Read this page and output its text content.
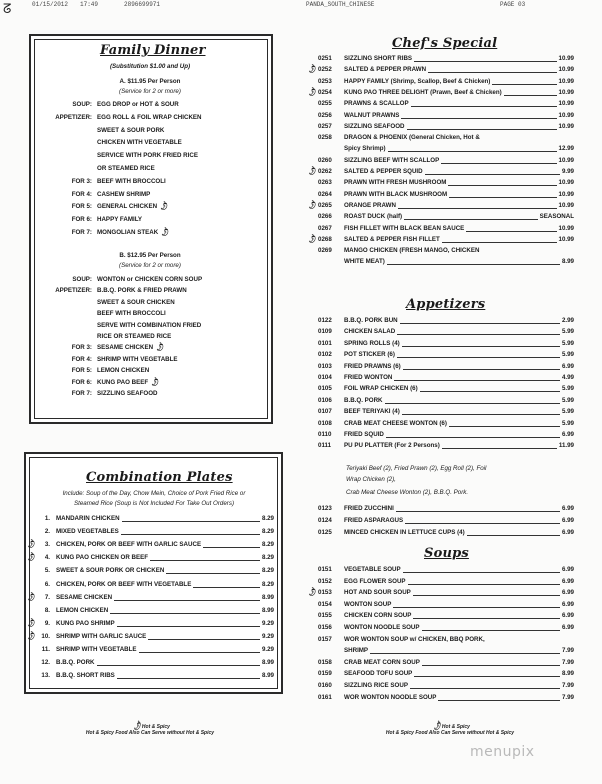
01/15/2012 17:49	2896699971	PANDA_SOUTH_CHINESE	PAGE 03
ᘔ
Family Dinner
(Substitution $1.00 and Up)
A. $11.95 Per Person
(Service for 2 or more)
SOUP: EGG DROP or HOT & SOUR
APPETIZER: EGG ROLL & FOIL WRAP CHICKEN
SWEET & SOUR PORK
CHICKEN WITH VEGETABLE
SERVICE WITH PORK FRIED RICE
OR STEAMED RICE
FOR 3: BEEF WITH BROCCOLI
FOR 4: CASHEW SHRIMP
FOR 5: GENERAL CHICKEN 🌶
FOR 6: HAPPY FAMILY
FOR 7: MONGOLIAN STEAK 🌶
B. $12.95 Per Person
(Service for 2 or more)
SOUP: WONTON or CHICKEN CORN SOUP
APPETIZER: B.B.Q. PORK & FRIED PRAWN
SWEET & SOUR CHICKEN
BEEF WITH BROCCOLI
SERVE WITH COMBINATION FRIED
RICE OR STEAMED RICE
FOR 3: SESAME CHICKEN 🌶
FOR 4: SHRIMP WITH VEGETABLE
FOR 5: LEMON CHICKEN
FOR 6: KUNG PAO BEEF 🌶
FOR 7: SIZZLING SEAFOOD
Combination Plates
Include: Soup of the Day, Chow Mein, Choice of Pork Fried Rice or
Steamed Rice (Soup is Not Included For Take Out Orders)
1. MANDARIN CHICKEN	8.29
2. MIXED VEGETABLES	8.29
3. CHICKEN, PORK OR BEEF WITH GARLIC SAUCE	8.29
🌶
4. KUNG PAO CHICKEN OR BEEF	8.29
🌶
5. SWEET & SOUR PORK OR CHICKEN	8.29
6. CHICKEN, PORK OR BEEF WITH VEGETABLE	8.29
7. SESAME CHICKEN	8.99
🌶
8. LEMON CHICKEN	8.99
9. KUNG PAO SHRIMP	9.29
🌶
10. SHRIMP WITH GARLIC SAUCE	9.29
🌶
11. SHRIMP WITH VEGETABLE	9.29
12. B.B.Q. PORK	8.99
13. B.B.Q. SHORT RIBS	8.99
🌶Hot & Spicy
Hot & Spicy Food Also Can Serve without Hot & Spicy
Chef's Special
0251	SIZZLING SHORT RIBS	10.99
0252	SALTED & PEPPER PRAWN	10.99
🌶
0253	HAPPY FAMILY (Shrimp, Scallop, Beef & Chicken)	10.99
0254	KUNG PAO THREE DELIGHT (Prawn, Beef & Chicken)	10.99
🌶
0255	PRAWNS & SCALLOP	10.99
0256	WALNUT PRAWNS	10.99
0257	SIZZLING SEAFOOD	10.99
0258	DRAGON & PHOENIX (General Chicken, Hot &
Spicy Shrimp)	12.99
0260	SIZZLING BEEF WITH SCALLOP	10.99
0262	SALTED & PEPPER SQUID	9.99
🌶
0263	PRAWN WITH FRESH MUSHROOM	10.99
0264	PRAWN WITH BLACK MUSHROOM	10.99
0265	ORANGE PRAWN	10.99
🌶
0266	ROAST DUCK (half)	SEASONAL
0267	FISH FILLET WITH BLACK BEAN SAUCE	10.99
0268	SALTED & PEPPER FISH FILLET	10.99
🌶
0269	MANGO CHICKEN (FRESH MANGO, CHICKEN
WHITE MEAT)	8.99
Appetizers
0122	B.B.Q. PORK BUN	2.99
0109	CHICKEN SALAD	5.99
0101	SPRING ROLLS (4)	5.99
0102	POT STICKER (6)	5.99
0103	FRIED PRAWNS (6)	6.99
0104	FRIED WONTON	4.99
0105	FOIL WRAP CHICKEN (6)	5.99
0106	B.B.Q. PORK	5.99
0107	BEEF TERIYAKI (4)	5.99
0108	CRAB MEAT CHEESE WONTON (6)	5.99
0110	FRIED SQUID	6.99
0111	PU PU PLATTER (For 2 Persons)	11.99
Teriyaki Beef (2), Fried Prawn (2), Egg Roll (2), Foil
Wrap Chicken (2),
Crab Meat Cheese Wonton (2), B.B.Q. Pork.
0123	FRIED ZUCCHINI	6.99
0124	FRIED ASPARAGUS	6.99
0125	MINCED CHICKEN IN LETTUCE CUPS (4)	6.99
Soups
0151	VEGETABLE SOUP	6.99
0152	EGG FLOWER SOUP	6.99
0153	HOT AND SOUR SOUP	6.99
🌶
0154	WONTON SOUP	6.99
0155	CHICKEN CORN SOUP	6.99
0156	WONTON NOODLE SOUP	6.99
0157	WOR WONTON SOUP w/ CHICKEN, BBQ PORK,
SHRIMP	7.99
0158	CRAB MEAT CORN SOUP	7.99
0159	SEAFOOD TOFU SOUP	8.99
0160	SIZZLING RICE SOUP	7.99
0161	WOR WONTON NOODLE SOUP	7.99
🌶Hot & Spicy
Hot & Spicy Food Also Can Serve without Hot & Spicy
menupix
